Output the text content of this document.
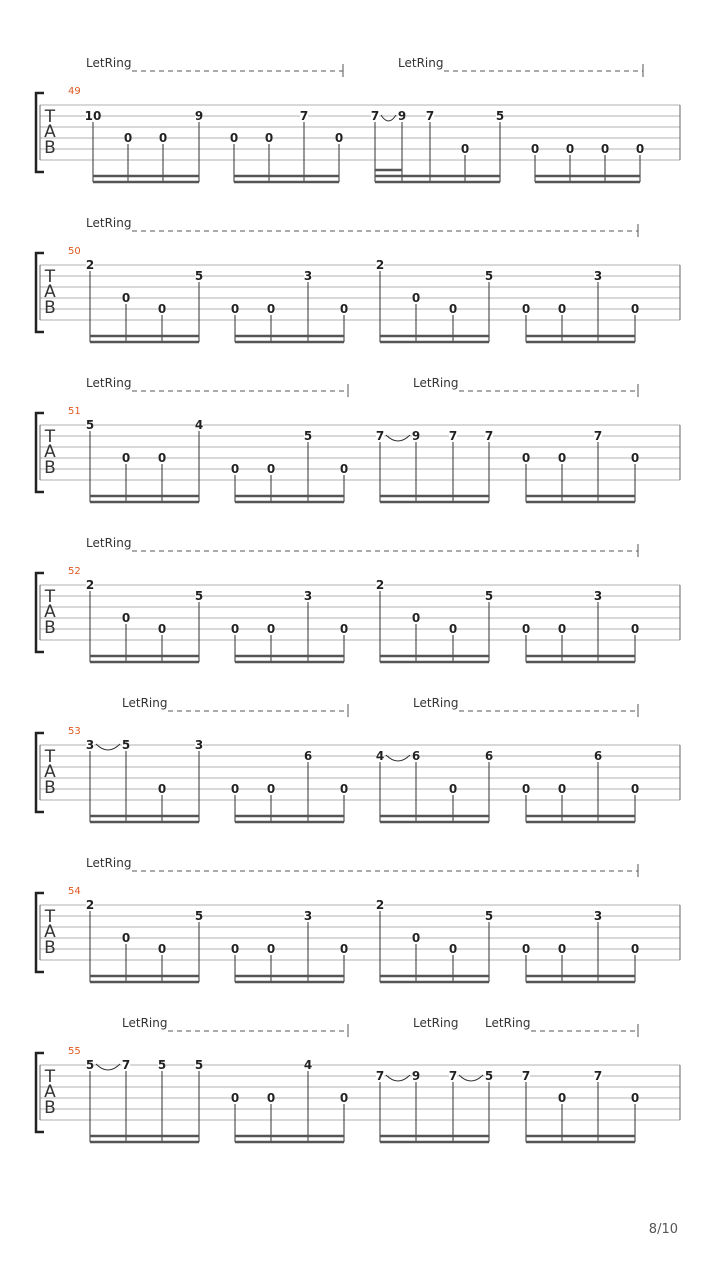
T
A
B
49
LetRing	LetRing
10
0 0
9
0 0
7
0
7 9 7
0
5
0 0 0 0
T
A
B
50
LetRing
2
0
0
5
0 0
3
0
2
0
0
5
0 0
3
0
T
A
B
51
LetRing	LetRing
5
0 0
4
0 0
5
0
7 9 7 7
0 0
7
0
T
A
B
52
LetRing
2
0
0
5
0 0
3
0
2
0
0
5
0 0
3
0
T
A
B
53
LetRing	LetRing
3 5
0
3
0 0
6
0
4 6
0
6
0 0
6
0
T
A
B
54
LetRing
2
0
0
5
0 0
3
0
2
0
0
5
0 0
3
0
T
A
B
55
LetRing	LetRing LetRing
5 7 5 5
0 0
4
0
7 9 7 5 7
0
7
0
8/10
